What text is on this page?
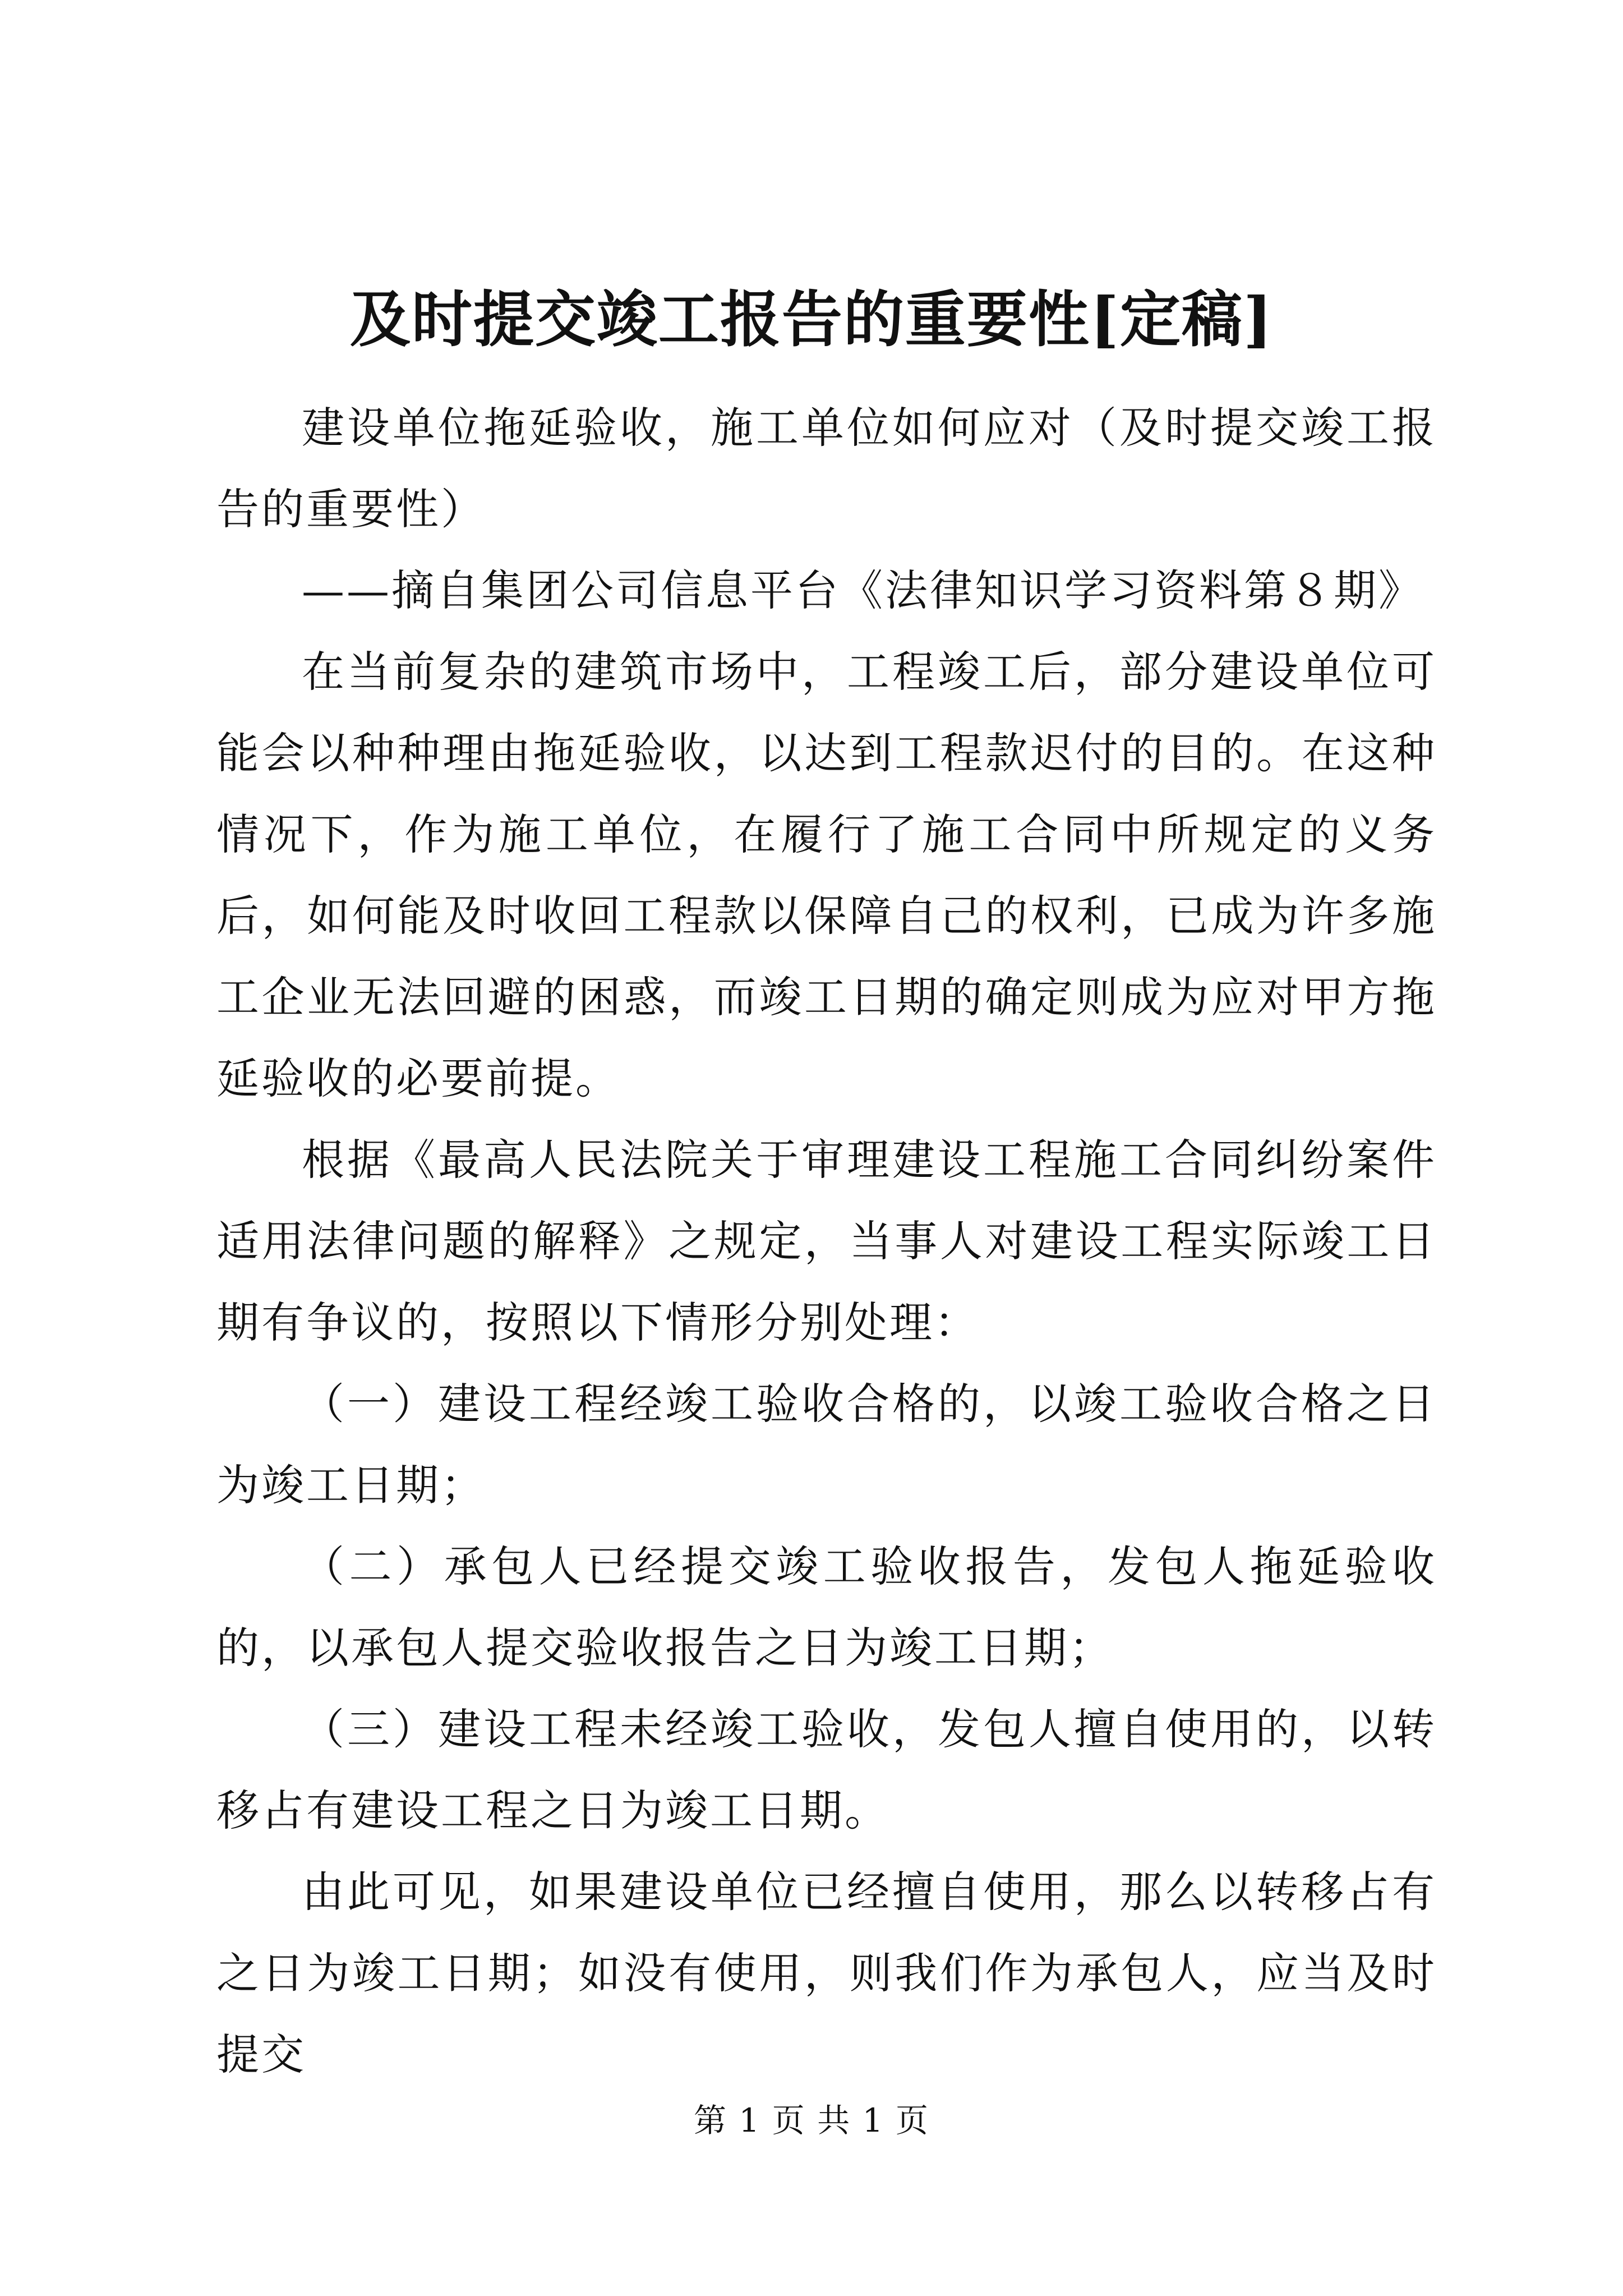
及时提交竣工报告的重要性[定稿]

建设单位拖延验收，施工单位如何应对（及时提交竣工报告的重要性）

——摘自集团公司信息平台《法律知识学习资料第８期》

在当前复杂的建筑市场中，工程竣工后，部分建设单位可能会以种种理由拖延验收，以达到工程款迟付的目的。在这种情况下，作为施工单位，在履行了施工合同中所规定的义务后，如何能及时收回工程款以保障自己的权利，已成为许多施工企业无法回避的困惑，而竣工日期的确定则成为应对甲方拖延验收的必要前提。

根据《最高人民法院关于审理建设工程施工合同纠纷案件适用法律问题的解释》之规定，当事人对建设工程实际竣工日期有争议的，按照以下情形分别处理：

（一）建设工程经竣工验收合格的，以竣工验收合格之日为竣工日期；

（二）承包人已经提交竣工验收报告，发包人拖延验收的，以承包人提交验收报告之日为竣工日期；

（三）建设工程未经竣工验收，发包人擅自使用的，以转移占有建设工程之日为竣工日期。

由此可见，如果建设单位已经擅自使用，那么以转移占有之日为竣工日期；如没有使用，则我们作为承包人，应当及时提交

第 1 页 共 1 页
